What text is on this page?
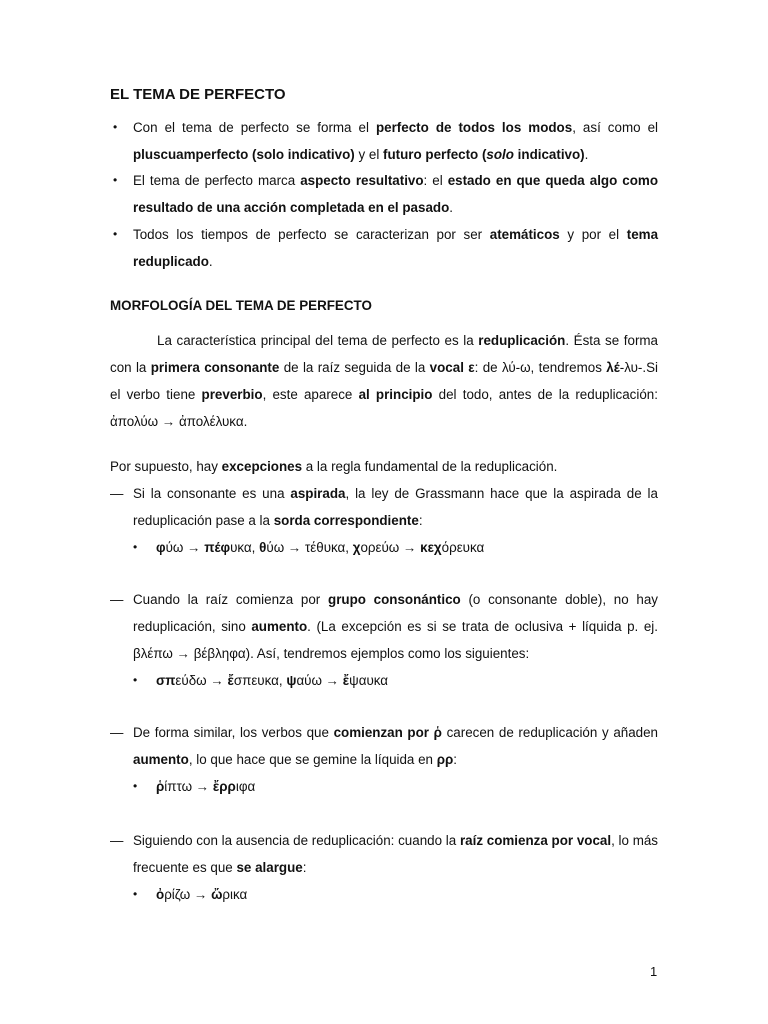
EL TEMA DE PERFECTO
• Con el tema de perfecto se forma el perfecto de todos los modos, así como el pluscuamperfecto (solo indicativo) y el futuro perfecto (solo indicativo).
• El tema de perfecto marca aspecto resultativo: el estado en que queda algo como resultado de una acción completada en el pasado.
• Todos los tiempos de perfecto se caracterizan por ser atemáticos y por el tema reduplicado.
MORFOLOGÍA DEL TEMA DE PERFECTO

La característica principal del tema de perfecto es la reduplicación. Ésta se forma con la primera consonante de la raíz seguida de la vocal ε: de λύ-ω, tendremos λέ-λυ-.Si el verbo tiene preverbio, este aparece al principio del todo, antes de la reduplicación: ἀπολύω → ἀπολέλυκα.

Por supuesto, hay excepciones a la regla fundamental de la reduplicación.

— Si la consonante es una aspirada, la ley de Grassmann hace que la aspirada de la reduplicación pase a la sorda correspondiente:
• φύω → πέφυκα, θύω → τέθυκα, χορεύω → κεχόρευκα
— Cuando la raíz comienza por grupo consonántico (o consonante doble), no hay reduplicación, sino aumento. (La excepción es si se trata de oclusiva + líquida p. ej. βλέπω → βέβληφα). Así, tendremos ejemplos como los siguientes:
• σπεύδω → ἔσπευκα, ψαύω → ἔψαυκα
— De forma similar, los verbos que comienzan por ῥ carecen de reduplicación y añaden aumento, lo que hace que se gemine la líquida en ρρ:
• ῥίπτω → ἔρριφα
— Siguiendo con la ausencia de reduplicación: cuando la raíz comienza por vocal, lo más frecuente es que se alargue:
• ὀρίζω → ὤρικα
1
